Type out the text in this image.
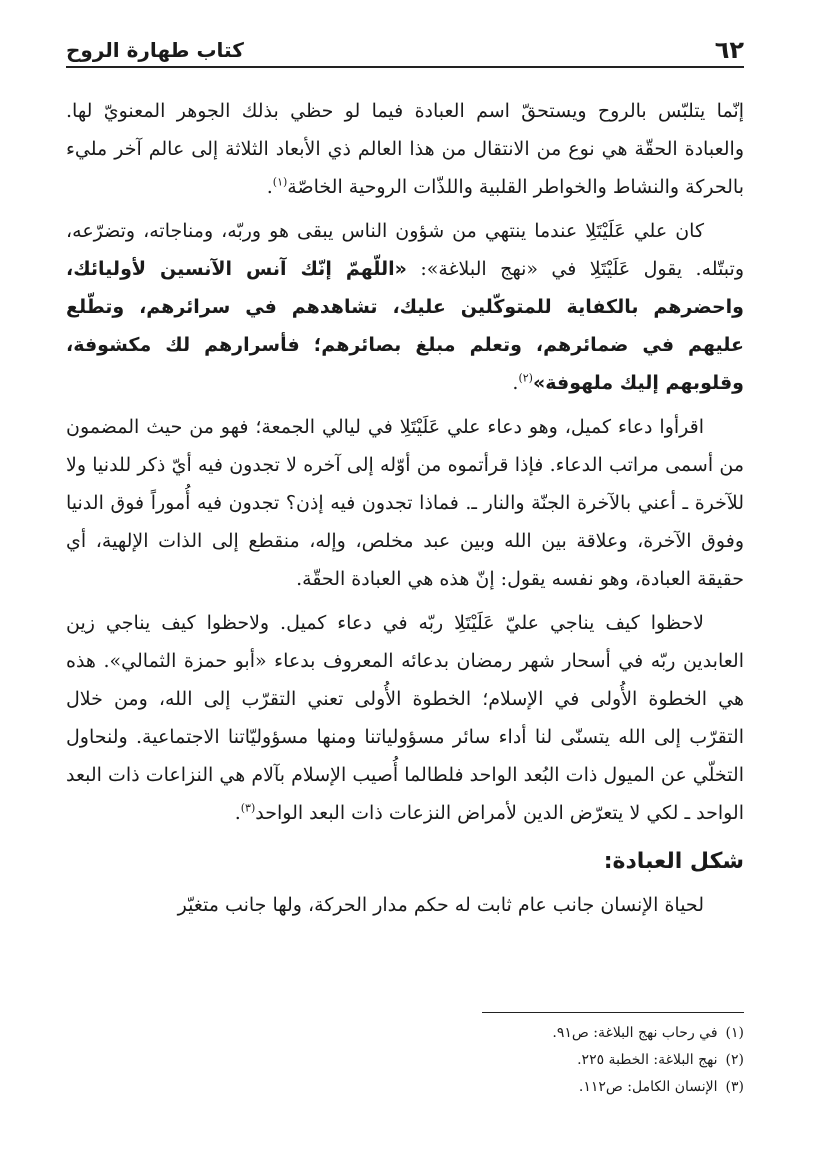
٦٢
كتاب طهارة الروح

إنّما يتلبّس بالروح ويستحقّ اسم العبادة فيما لو حظي بذلك الجوهر المعنويّ لها. والعبادة الحقّة هي نوع من الانتقال من هذا العالم ذي الأبعاد الثلاثة إلى عالم آخر مليء بالحركة والنشاط والخواطر القلبية واللذّات الروحية الخاصّة$^{(١)}$.

كان علي عَلَيْتَلِا عندما ينتهي من شؤون الناس يبقى هو وربّه، ومناجاته، وتضرّعه، وتبتّله. يقول عَلَيْتَلِا في «نهج البلاغة»: «اللّهمّ إنّك آنس الآنسين لأوليائك، واحضرهم بالكفاية للمتوكّلين عليك، تشاهدهم في سرائرهم، وتطّلع عليهم في ضمائرهم، وتعلم مبلغ بصائرهم؛ فأسرارهم لك مكشوفة، وقلوبهم إليك ملهوفة»$^{(٢)}$.

اقرأوا دعاء كميل، وهو دعاء علي عَلَيْتَلِا في ليالي الجمعة؛ فهو من حيث المضمون من أسمى مراتب الدعاء. فإذا قرأتموه من أوّله إلى آخره لا تجدون فيه أيّ ذكر للدنيا ولا للآخرة ـ أعني بالآخرة الجنّة والنار ـ. فماذا تجدون فيه إذن؟ تجدون فيه أُموراً فوق الدنيا وفوق الآخرة، وعلاقة بين الله وبين عبد مخلص، وإله، منقطع إلى الذات الإلهية، أي حقيقة العبادة، وهو نفسه يقول: إنّ هذه هي العبادة الحقّة.

لاحظوا كيف يناجي عليّ عَلَيْتَلِا ربّه في دعاء كميل. ولاحظوا كيف يناجي زين العابدين ربّه في أسحار شهر رمضان بدعائه المعروف بدعاء «أبو حمزة الثمالي». هذه هي الخطوة الأُولى في الإسلام؛ الخطوة الأُولى تعني التقرّب إلى الله، ومن خلال التقرّب إلى الله يتسنّى لنا أداء سائر مسؤولياتنا ومنها مسؤوليّاتنا الاجتماعية. ولنحاول التخلّي عن الميول ذات البُعد الواحد فلطالما أُصيب الإسلام بآلام هي النزاعات ذات البعد الواحد ـ لكي لا يتعرّض الدين لأمراض النزعات ذات البعد الواحد$^{(٣)}$.

شكل العبادة:

لحياة الإنسان جانب عام ثابت له حكم مدار الحركة، ولها جانب متغيّر

(١)
في رحاب نهج البلاغة: ص٩١.
(٢)
نهج البلاغة: الخطبة ٢٢٥.
(٣)
الإنسان الكامل: ص١١٢.
